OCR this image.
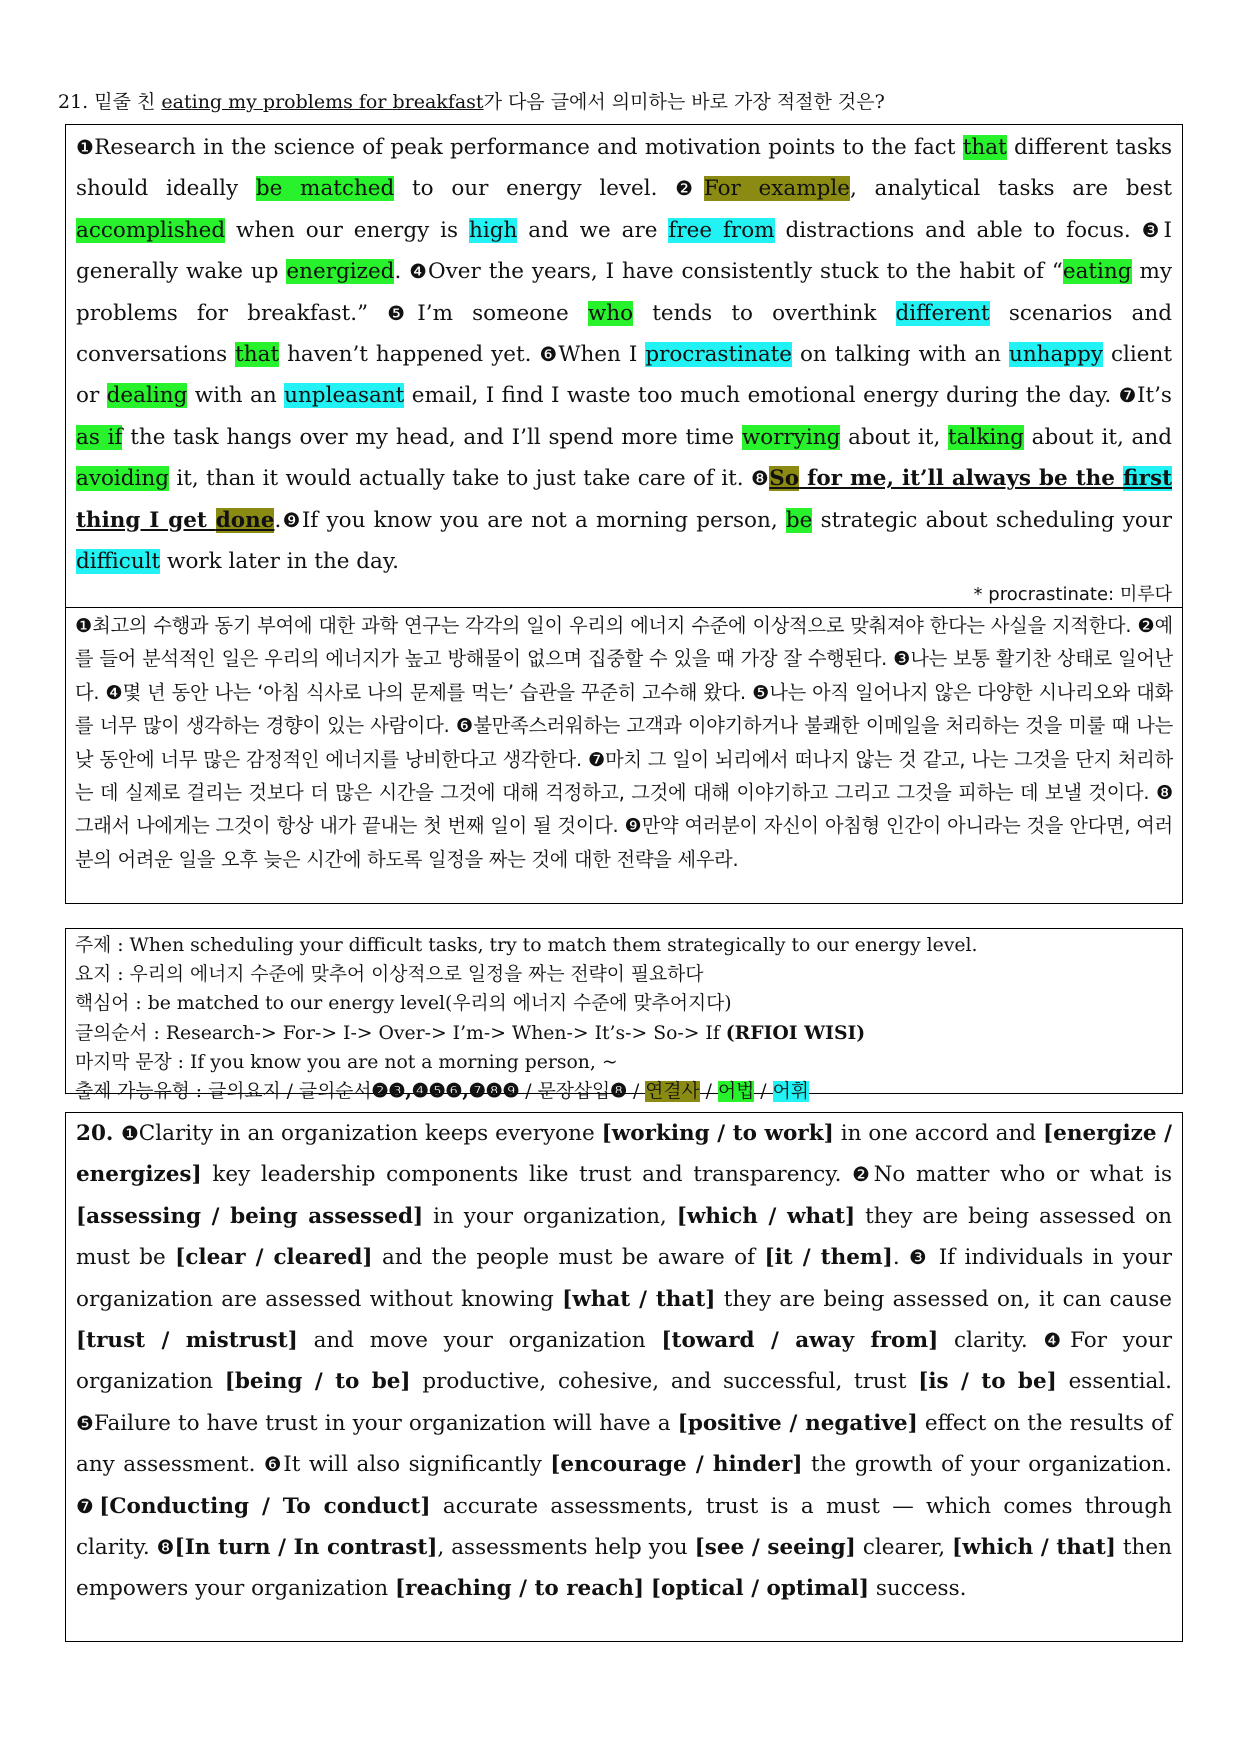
21. 밑줄 친 eating my problems for breakfast가 다음 글에서 의미하는 바로 가장 적절한 것은?
❶Research in the science of peak performance and motivation points to the fact that different tasks should ideally be matched to our energy level. ❷For example, analytical tasks are best accomplished when our energy is high and we are free from distractions and able to focus. ❸I generally wake up energized. ❹Over the years, I have consistently stuck to the habit of “eating my problems for breakfast.” ❺I’m someone who tends to overthink different scenarios and conversations that haven’t happened yet. ❻When I procrastinate on talking with an unhappy client or dealing with an unpleasant email, I find I waste too much emotional energy during the day. ❼It’s as if the task hangs over my head, and I’ll spend more time worrying about it, talking about it, and avoiding it, than it would actually take to just take care of it. ❽So for me, it’ll always be the first thing I get done.❾If you know you are not a morning person, be strategic about scheduling your difficult work later in the day.
* procrastinate: 미루다
❶최고의 수행과 동기 부여에 대한 과학 연구는 각각의 일이 우리의 에너지 수준에 이상적으로 맞춰져야 한다는 사실을 지적한다. ❷예를 들어 분석적인 일은 우리의 에너지가 높고 방해물이 없으며 집중할 수 있을 때 가장 잘 수행된다. ❸나는 보통 활기찬 상태로 일어난다. ❹몇 년 동안 나는 ‘아침 식사로 나의 문제를 먹는’ 습관을 꾸준히 고수해 왔다. ❺나는 아직 일어나지 않은 다양한 시나리오와 대화를 너무 많이 생각하는 경향이 있는 사람이다. ❻불만족스러워하는 고객과 이야기하거나 불쾌한 이메일을 처리하는 것을 미룰 때 나는 낮 동안에 너무 많은 감정적인 에너지를 낭비한다고 생각한다. ❼마치 그 일이 뇌리에서 떠나지 않는 것 같고, 나는 그것을 단지 처리하는 데 실제로 걸리는 것보다 더 많은 시간을 그것에 대해 걱정하고, 그것에 대해 이야기하고 그리고 그것을 피하는 데 보낼 것이다. ❽그래서 나에게는 그것이 항상 내가 끝내는 첫 번째 일이 될 것이다. ❾만약 여러분이 자신이 아침형 인간이 아니라는 것을 안다면, 여러분의 어려운 일을 오후 늦은 시간에 하도록 일정을 짜는 것에 대한 전략을 세우라.
주제 : When scheduling your difficult tasks, try to match them strategically to our energy level.
요지 : 우리의 에너지 수준에 맞추어 이상적으로 일정을 짜는 전략이 필요하다
핵심어 : be matched to our energy level(우리의 에너지 수준에 맞추어지다)
글의순서 : Research-> For-> I-> Over-> I’m-> When-> It’s-> So-> If (RFIOI WISI)
마지막 문장 : If you know you are not a morning person, ~
출제 가능유형 : 글의요지 / 글의순서❷❸,❹❺❻,❼❽❾ / 문장삽입❽ / 연결사 / 어법 / 어휘
20. ❶Clarity in an organization keeps everyone [working / to work] in one accord and [energize / energizes] key leadership components like trust and transparency. ❷No matter who or what is [assessing / being assessed] in your organization, [which / what] they are being assessed on must be [clear / cleared] and the people must be aware of [it / them]. ❸ If individuals in your organization are assessed without knowing [what / that] they are being assessed on, it can cause [trust / mistrust] and move your organization [toward / away from] clarity. ❹For your organization [being / to be] productive, cohesive, and successful, trust [is / to be] essential. ❺Failure to have trust in your organization will have a [positive / negative] effect on the results of any assessment. ❻It will also significantly [encourage / hinder] the growth of your organization. ❼[Conducting / To conduct] accurate assessments, trust is a must — which comes through clarity. ❽[In turn / In contrast], assessments help you [see / seeing] clearer, [which / that] then empowers your organization [reaching / to reach] [optical / optimal] success.
